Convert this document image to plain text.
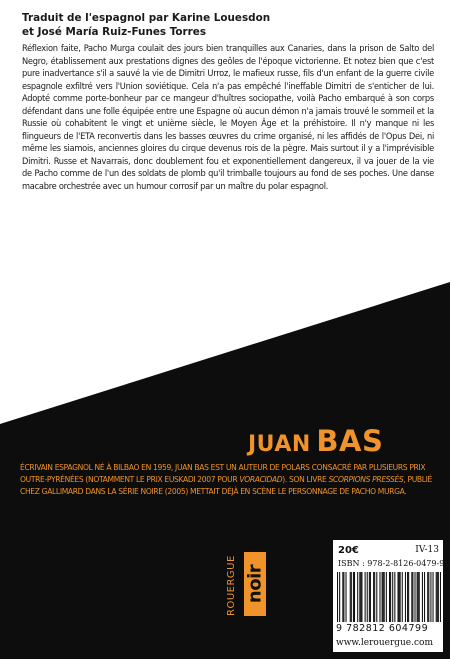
Traduit de l'espagnol par Karine Louesdon
et José María Ruiz-Funes Torres

Réflexion faite, Pacho Murga coulait des jours bien tranquilles aux Canaries, dans la prison de Salto del Negro, établissement aux prestations dignes des geôles de l'époque victorienne. Et notez bien que c'est pure inadvertance s'il a sauvé la vie de Dimitri Urroz, le mafieux russe, fils d'un enfant de la guerre civile espagnole exfiltré vers l'Union soviétique. Cela n'a pas empêché l'ineffable Dimitri de s'enticher de lui. Adopté comme porte-bonheur par ce mangeur d'huîtres sociopathe, voilà Pacho embarqué à son corps défendant dans une folle équipée entre une Espagne où aucun démon n'a jamais trouvé le sommeil et la Russie où cohabitent le vingt et unième siècle, le Moyen Âge et la préhistoire. Il n'y manque ni les flingueurs de l'ETA reconvertis dans les basses œuvres du crime organisé, ni les affidés de l'Opus Dei, ni même les siamois, anciennes gloires du cirque devenus rois de la pègre. Mais surtout il y a l'imprévisible Dimitri. Russe et Navarrais, donc doublement fou et exponentiellement dangereux, il va jouer de la vie de Pacho comme de l'un des soldats de plomb qu'il trimballe toujours au fond de ses poches. Une danse macabre orchestrée avec un humour corrosif par un maître du polar espagnol.

JUAN BAS

ÉCRIVAIN ESPAGNOL NÉ À BILBAO EN 1959, JUAN BAS EST UN AUTEUR DE POLARS CONSACRÉ PAR PLUSIEURS PRIX OUTRE-PYRÉNÉES (NOTAMMENT LE PRIX EUSKADI 2007 POUR VORACIDAD). SON LIVRE SCORPIONS PRESSÉS, PUBLIÉ CHEZ GALLIMARD DANS LA SÉRIE NOIRE (2005) METTAIT DÉJÀ EN SCÈNE LE PERSONNAGE DE PACHO MURGA.

ROUERGUE noir
20€	IV-13
ISBN : 978-2-8126-0479-9
9 782812 604799
www.lerouergue.com
